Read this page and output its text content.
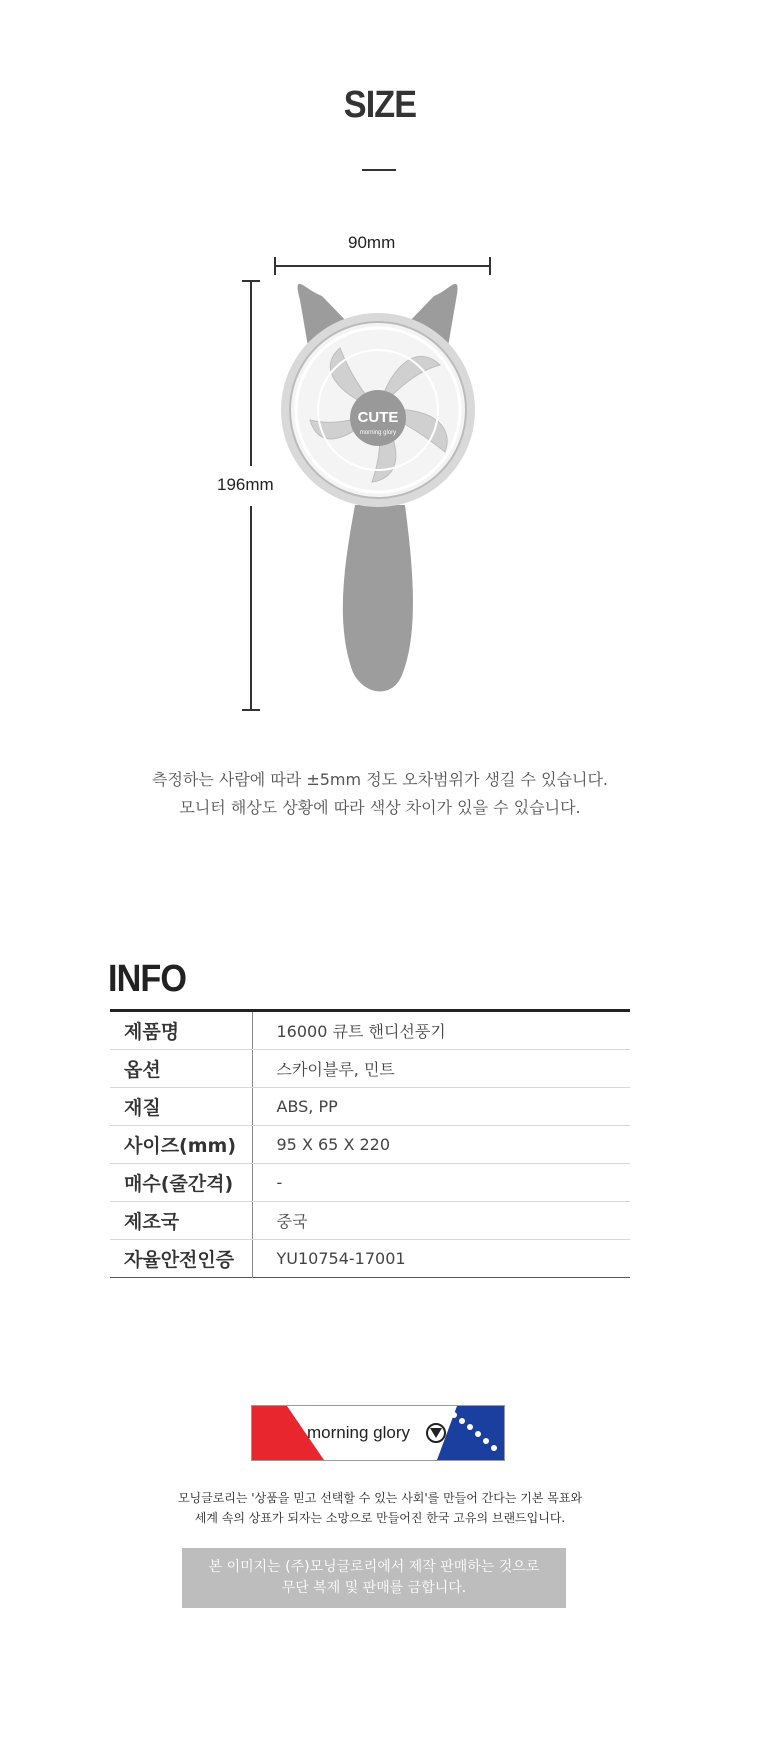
SIZE
90mm
196mm
CUTE
morning glory
측정하는 사람에 따라 ±5mm 정도 오차범위가 생길 수 있습니다.
모니터 해상도 상황에 따라 색상 차이가 있을 수 있습니다.
INFO
제품명	16000 큐트 핸디선풍기
옵션	스카이블루, 민트
재질	ABS, PP
사이즈(mm)	95 X 65 X 220
매수(줄간격)	-
제조국	중국
자율안전인증	YU10754-17001
morning glory
모닝글로리는 '상품을 믿고 선택할 수 있는 사회'를 만들어 간다는 기본 목표와
세계 속의 상표가 되자는 소망으로 만들어진 한국 고유의 브랜드입니다.
본 이미지는 (주)모닝글로리에서 제작 판매하는 것으로
무단 복제 및 판매를 금합니다.
